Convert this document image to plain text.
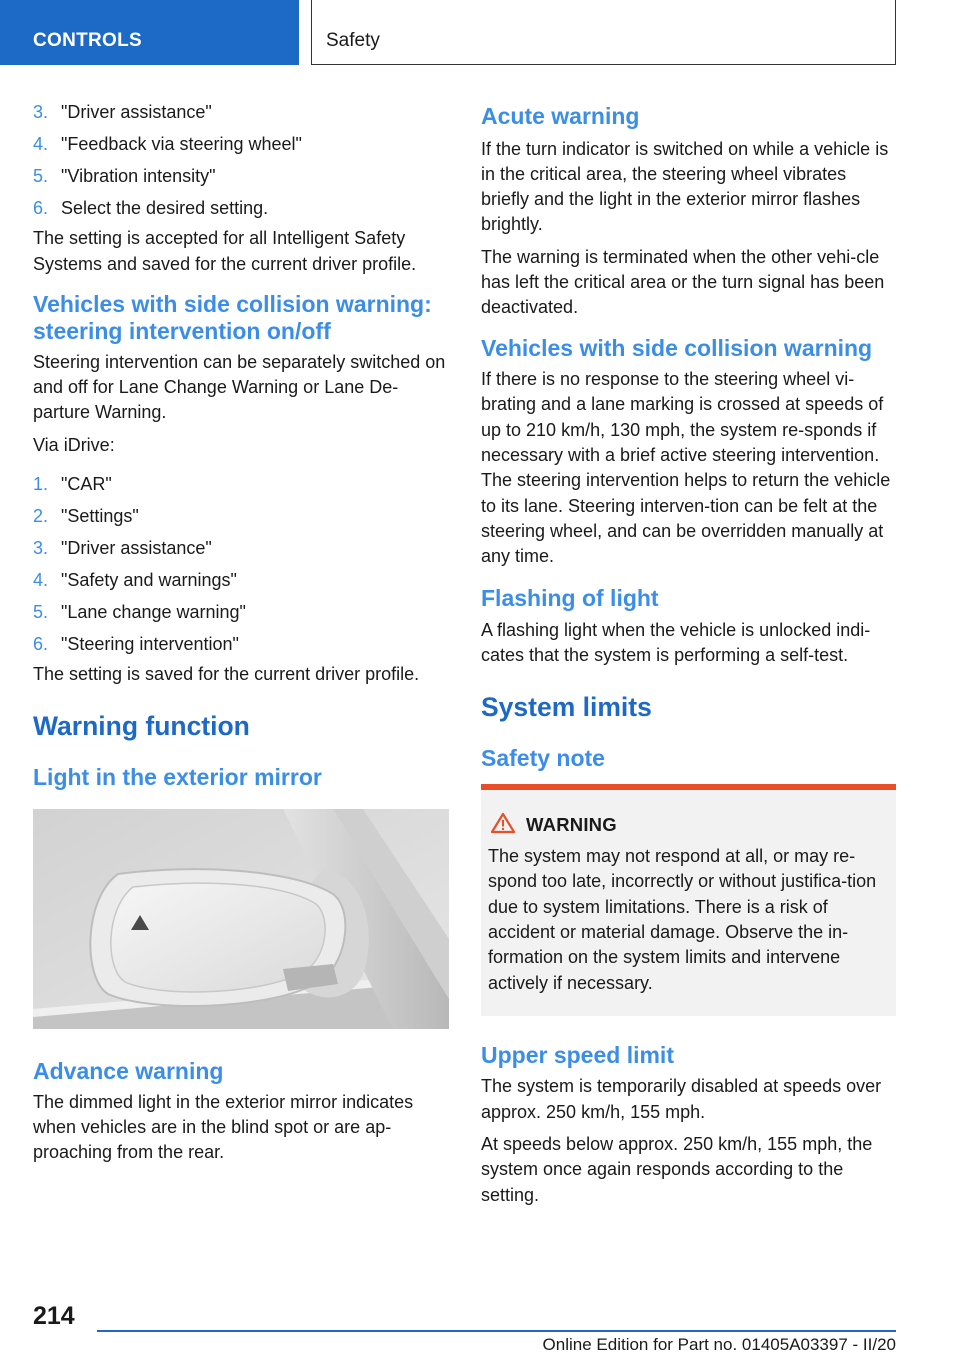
CONTROLS	Safety
3. "Driver assistance"
4. "Feedback via steering wheel"
5. "Vibration intensity"
6. Select the desired setting.

The setting is accepted for all Intelligent Safety Systems and saved for the current driver profile.

Vehicles with side collision warning:
steering intervention on/off

Steering intervention can be separately switched on and off for Lane Change Warning or Lane De-parture Warning.

Via iDrive:

1. "CAR"
2. "Settings"
3. "Driver assistance"
4. "Safety and warnings"
5. "Lane change warning"
6. "Steering intervention"

The setting is saved for the current driver profile.

Warning function
Light in the exterior mirror
Advance warning

The dimmed light in the exterior mirror indicates when vehicles are in the blind spot or are ap-proaching from the rear.

Acute warning

If the turn indicator is switched on while a vehicle is in the critical area, the steering wheel vibrates briefly and the light in the exterior mirror flashes brightly.

The warning is terminated when the other vehi-cle has left the critical area or the turn signal has been deactivated.

Vehicles with side collision warning

If there is no response to the steering wheel vi-brating and a lane marking is crossed at speeds of up to 210 km/h, 130 mph, the system re-sponds if necessary with a brief active steering intervention. The steering intervention helps to return the vehicle to its lane. Steering interven-tion can be felt at the steering wheel, and can be overridden manually at any time.

Flashing of light

A flashing light when the vehicle is unlocked indi-cates that the system is performing a self-test.

System limits
Safety note
WARNING

The system may not respond at all, or may re-spond too late, incorrectly or without justifica-tion due to system limitations. There is a risk of accident or material damage. Observe the in-formation on the system limits and intervene actively if necessary.

Upper speed limit

The system is temporarily disabled at speeds over approx. 250 km/h, 155 mph.

At speeds below approx. 250 km/h, 155 mph, the system once again responds according to the setting.

214
Online Edition for Part no. 01405A03397 - II/20
